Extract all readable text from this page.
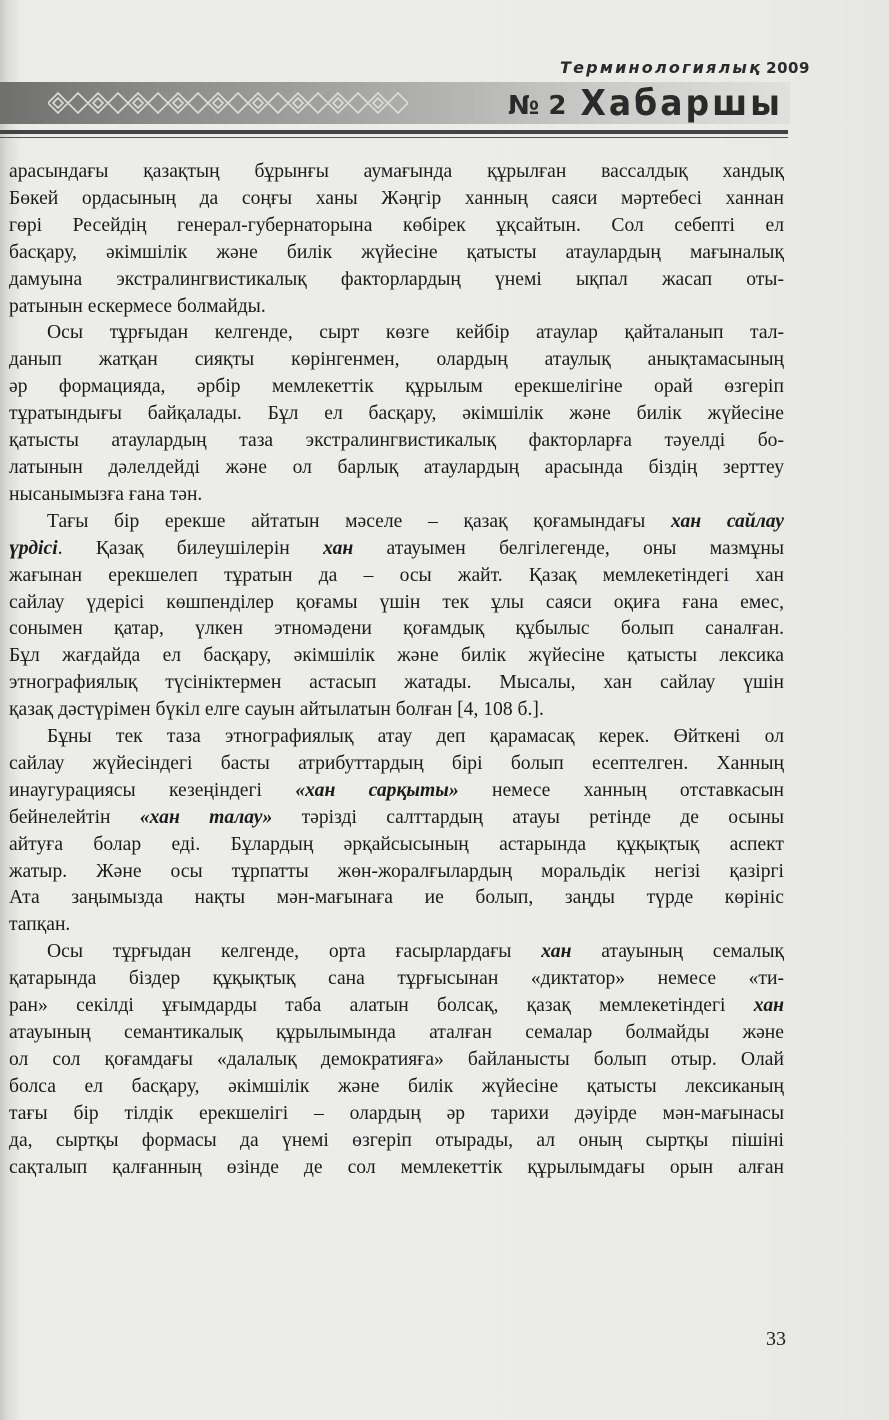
Терминологиялық 2009
№ 2 Хабаршы

арасындағы қазақтың бұрынғы аумағында құрылған вассалдық хандық

Бөкей ордасының да соңғы ханы Жәңгір ханның саяси мәртебесі ханнан

гөрі Ресейдің генерал-губернаторына көбірек ұқсайтын. Сол себепті ел

басқару, әкімшілік және билік жүйесіне қатысты атаулардың мағыналық

дамуына экстралингвистикалық факторлардың үнемі ықпал жасап оты-

ратынын ескермесе болмайды.

Осы тұрғыдан келгенде, сырт көзге кейбір атаулар қайталанып тал-

данып жатқан сияқты көрінгенмен, олардың атаулық анықтамасының

әр формацияда, әрбір мемлекеттік құрылым ерекшелігіне орай өзгеріп

тұратындығы байқалады. Бұл ел басқару, әкімшілік және билік жүйесіне

қатысты атаулардың таза экстралингвистикалық факторларға тәуелді бо-

латынын дәлелдейді және ол барлық атаулардың арасында біздің зерттеу

нысанымызға ғана тән.

Тағы бір ерекше айтатын мәселе – қазақ қоғамындағы хан сайлау

үрдісі. Қазақ билеушілерін хан атауымен белгілегенде, оны мазмұны

жағынан ерекшелеп тұратын да – осы жайт. Қазақ мемлекетіндегі хан

сайлау үдерісі көшпенділер қоғамы үшін тек ұлы саяси оқиға ғана емес,

сонымен қатар, үлкен этномәдени қоғамдық құбылыс болып саналған.

Бұл жағдайда ел басқару, әкімшілік және билік жүйесіне қатысты лексика

этнографиялық түсініктермен астасып жатады. Мысалы, хан сайлау үшін

қазақ дәстүрімен бүкіл елге сауын айтылатын болған [4, 108 б.].

Бұны тек таза этнографиялық атау деп қарамасақ керек. Өйткені ол

сайлау жүйесіндегі басты атрибуттардың бірі болып есептелген. Ханның

инаугурациясы кезеңіндегі «хан сарқыты» немесе ханның отставкасын

бейнелейтін «хан талау» тәрізді салттардың атауы ретінде де осыны

айтуға болар еді. Бұлардың әрқайсысының астарында құқықтық аспект

жатыр. Және осы тұрпатты жөн-жоралғылардың моральдік негізі қазіргі

Ата заңымызда нақты мән-мағынаға ие болып, заңды түрде көрініс

тапқан.

Осы тұрғыдан келгенде, орта ғасырлардағы хан атауының семалық

қатарында біздер құқықтық сана тұрғысынан «диктатор» немесе «ти-

ран» секілді ұғымдарды таба алатын болсақ, қазақ мемлекетіндегі хан

атауының семантикалық құрылымында аталған семалар болмайды және

ол сол қоғамдағы «далалық демократияға» байланысты болып отыр. Олай

болса ел басқару, әкімшілік және билік жүйесіне қатысты лексиканың

тағы бір тілдік ерекшелігі – олардың әр тарихи дәуірде мән-мағынасы

да, сыртқы формасы да үнемі өзгеріп отырады, ал оның сыртқы пішіні

сақталып қалғанның өзінде де сол мемлекеттік құрылымдағы орын алған

33
